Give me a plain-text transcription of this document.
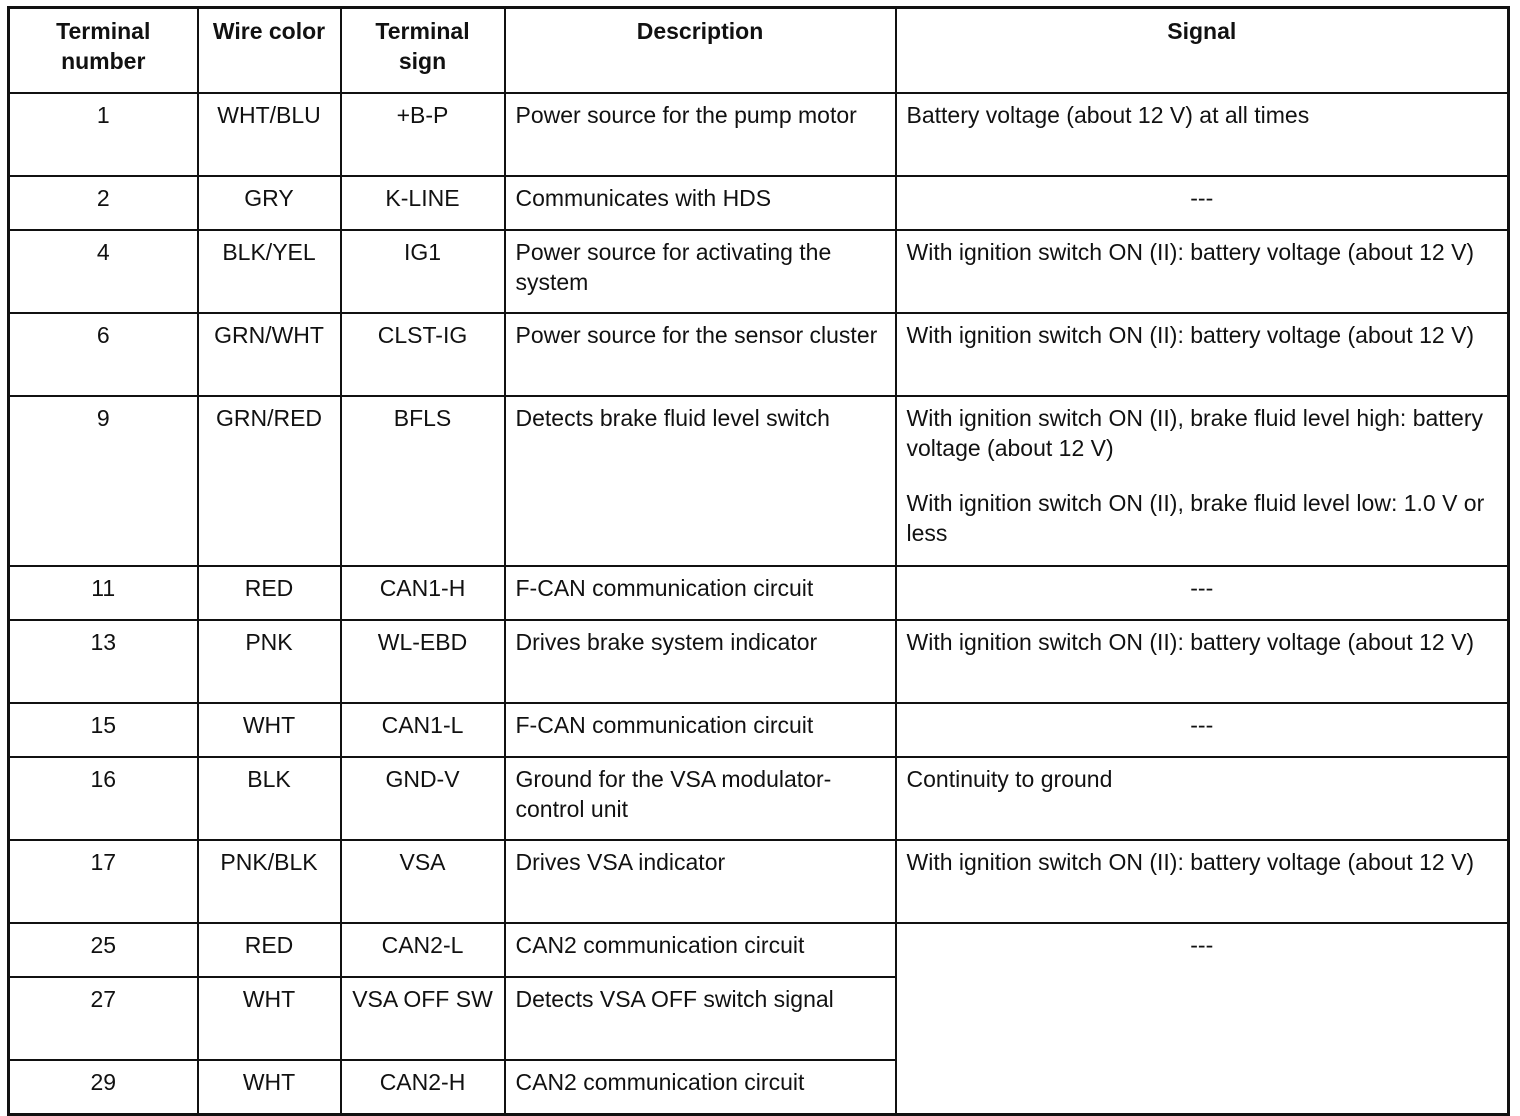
Terminal number	Wire color	Terminal sign	Description	Signal
1	WHT/BLU	+B-P	Power source for the pump motor	Battery voltage (about 12 V) at all times

2	GRY	K-LINE	Communicates with HDS	---

4	BLK/YEL	IG1	Power source for activating the system	With ignition switch ON (II): battery voltage (about 12 V)

6	GRN/WHT	CLST-IG	Power source for the sensor cluster	With ignition switch ON (II): battery voltage (about 12 V)

9	GRN/RED	BFLS	Detects brake fluid level switch	With ignition switch ON (II), brake fluid level high: battery voltage (about 12 V)
With ignition switch ON (II), brake fluid level low: 1.0 V or less

11	RED	CAN1-H	F-CAN communication circuit	---

13	PNK	WL-EBD	Drives brake system indicator	With ignition switch ON (II): battery voltage (about 12 V)

15	WHT	CAN1-L	F-CAN communication circuit	---

16	BLK	GND-V	Ground for the VSA modulator-control unit	Continuity to ground

17	PNK/BLK	VSA	Drives VSA indicator	With ignition switch ON (II): battery voltage (about 12 V)

25	RED	CAN2-L	CAN2 communication circuit	---

27	WHT	VSA OFF SW	Detects VSA OFF switch signal	
29	WHT	CAN2-H	CAN2 communication circuit	
